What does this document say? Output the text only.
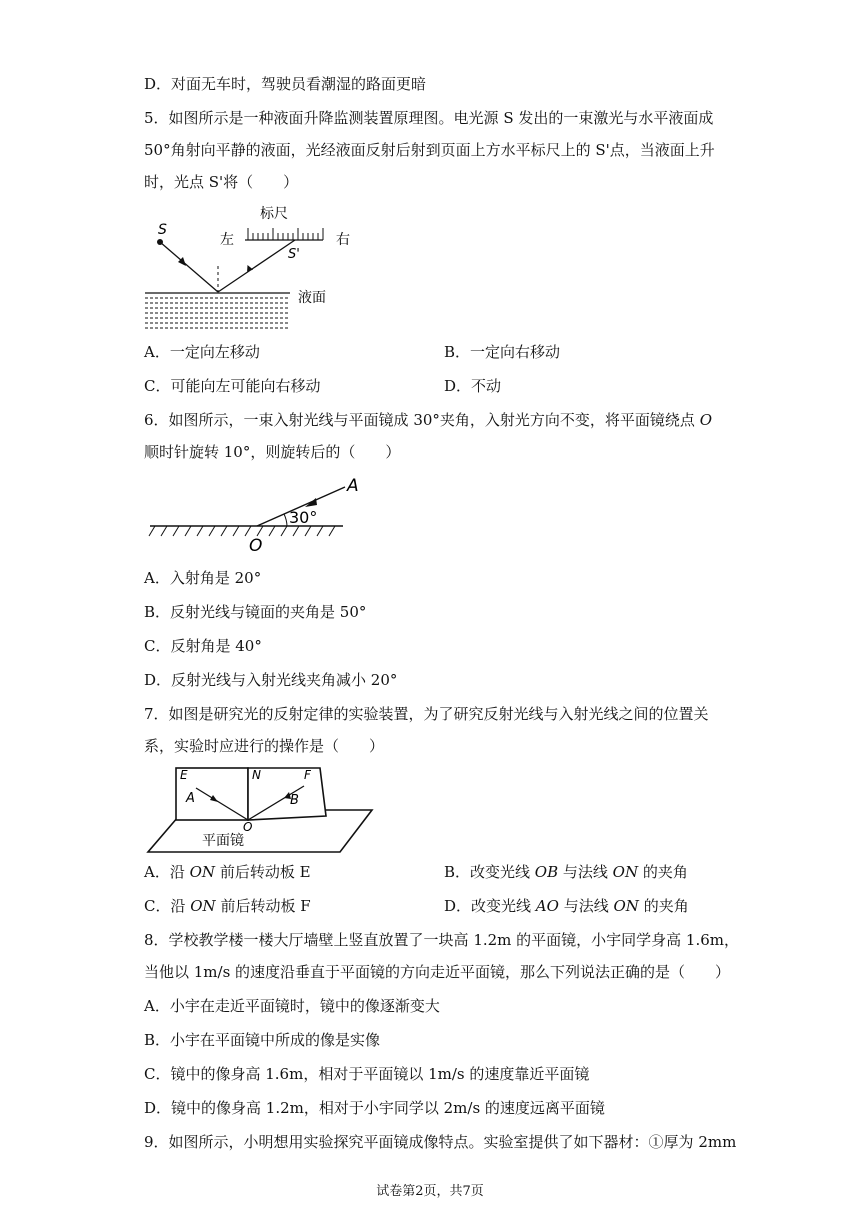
D．对面无车时，驾驶员看潮湿的路面更暗
5．如图所示是一种液面升降监测装置原理图。电光源 S 发出的一束激光与水平液面成
50°角射向平静的液面，光经液面反射后射到页面上方水平标尺上的 S'点，当液面上升
时，光点 S'将（　　）
标尺
左	右
S
S'
液面
A．一定向左移动	B．一定向右移动
C．可能向左可能向右移动	D．不动
6．如图所示，一束入射光线与平面镜成 30°夹角，入射光方向不变，将平面镜绕点 O
顺时针旋转 10°，则旋转后的（　　）
30°
A
O
A．入射角是 20°
B．反射光线与镜面的夹角是 50°
C．反射角是 40°
D．反射光线与入射光线夹角减小 20°
7．如图是研究光的反射定律的实验装置，为了研究反射光线与入射光线之间的位置关
系，实验时应进行的操作是（　　）
E	N	F
A	B
O
平面镜
A．沿 ON 前后转动板 E	B．改变光线 OB 与法线 ON 的夹角
C．沿 ON 前后转动板 F	D．改变光线 AO 与法线 ON 的夹角
8．学校教学楼一楼大厅墙壁上竖直放置了一块高 1.2m 的平面镜，小宇同学身高 1.6m，
当他以 1m/s 的速度沿垂直于平面镜的方向走近平面镜，那么下列说法正确的是（　　）
A．小宇在走近平面镜时，镜中的像逐渐变大
B．小宇在平面镜中所成的像是实像
C．镜中的像身高 1.6m，相对于平面镜以 1m/s 的速度靠近平面镜
D．镜中的像身高 1.2m，相对于小宇同学以 2m/s 的速度远离平面镜
9．如图所示，小明想用实验探究平面镜成像特点。实验室提供了如下器材：①厚为 2mm
试卷第2页，共7页
